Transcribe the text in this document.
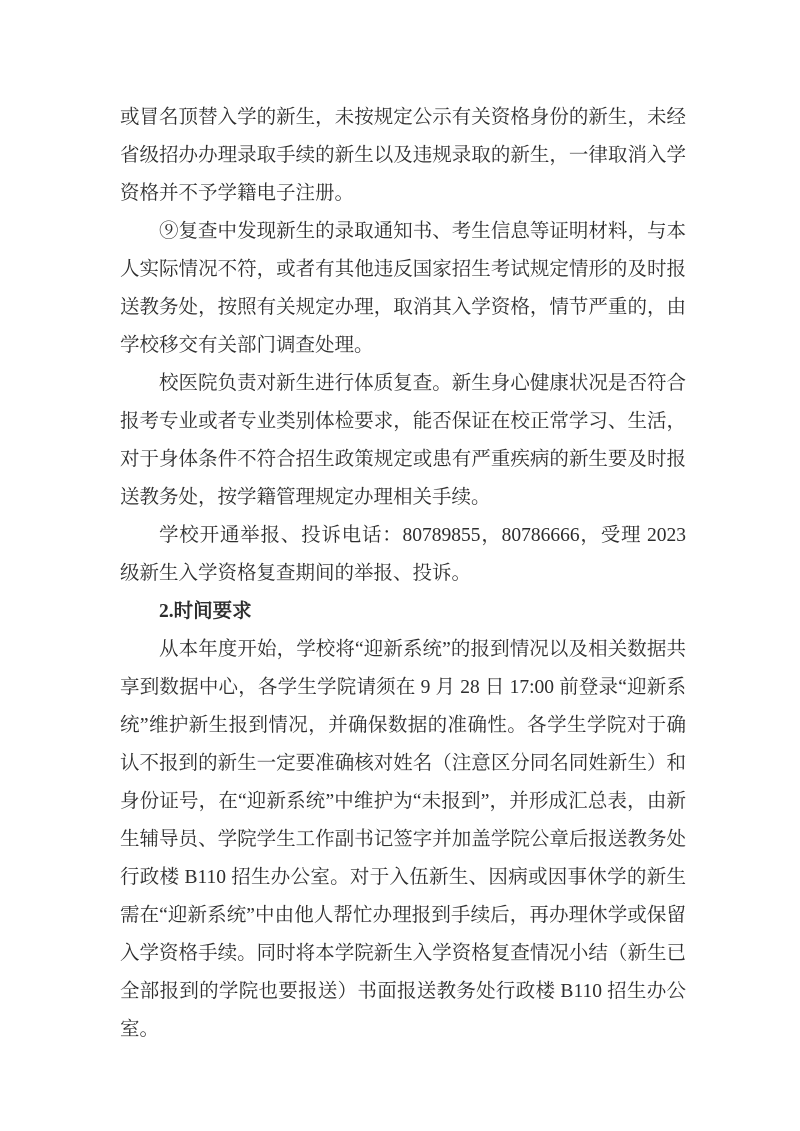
或冒名顶替入学的新生，未按规定公示有关资格身份的新生，未经省级招办办理录取手续的新生以及违规录取的新生，一律取消入学资格并不予学籍电子注册。

⑨复查中发现新生的录取通知书、考生信息等证明材料，与本人实际情况不符，或者有其他违反国家招生考试规定情形的及时报送教务处，按照有关规定办理，取消其入学资格，情节严重的，由学校移交有关部门调查处理。

校医院负责对新生进行体质复查。新生身心健康状况是否符合报考专业或者专业类别体检要求，能否保证在校正常学习、生活，对于身体条件不符合招生政策规定或患有严重疾病的新生要及时报送教务处，按学籍管理规定办理相关手续。

学校开通举报、投诉电话：80789855，80786666，受理 2023 级新生入学资格复查期间的举报、投诉。

2.时间要求

从本年度开始，学校将“迎新系统”的报到情况以及相关数据共享到数据中心，各学生学院请须在 9 月 28 日 17:00 前登录“迎新系统”维护新生报到情况，并确保数据的准确性。各学生学院对于确认不报到的新生一定要准确核对姓名（注意区分同名同姓新生）和身份证号，在“迎新系统”中维护为“未报到”，并形成汇总表，由新生辅导员、学院学生工作副书记签字并加盖学院公章后报送教务处行政楼 B110 招生办公室。对于入伍新生、因病或因事休学的新生需在“迎新系统”中由他人帮忙办理报到手续后，再办理休学或保留入学资格手续。同时将本学院新生入学资格复查情况小结（新生已全部报到的学院也要报送）书面报送教务处行政楼 B110 招生办公室。
